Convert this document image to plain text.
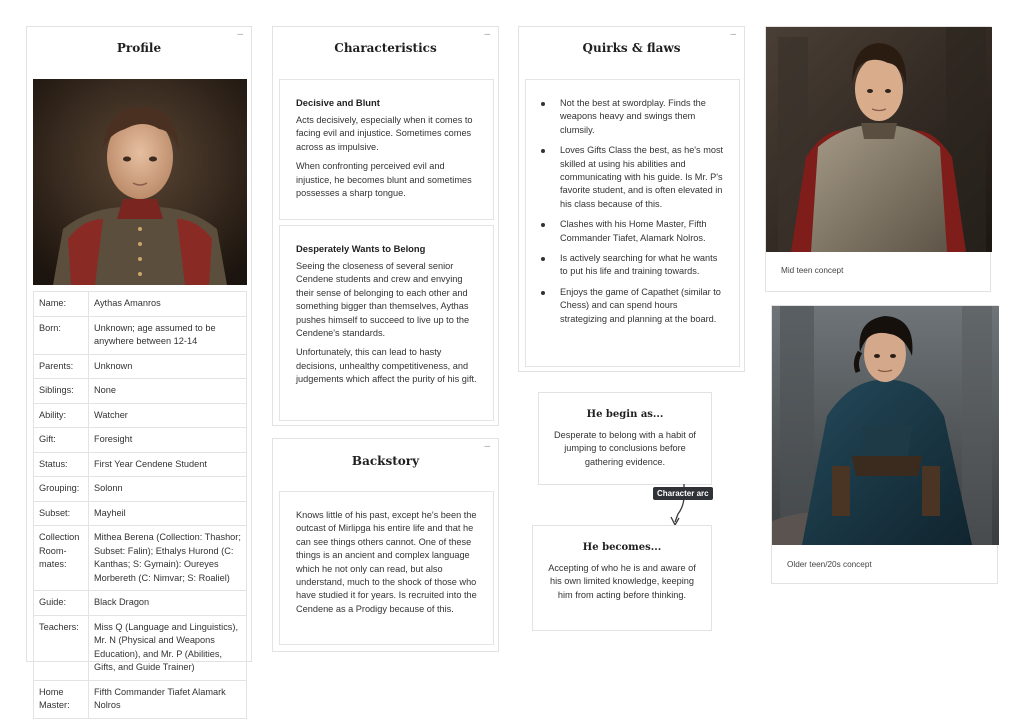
Profile
–
Name:	Aythas Amanros
Born:	Unknown; age assumed to be anywhere between 12-14
Parents:	Unknown
Siblings:	None
Ability:	Watcher
Gift:	Foresight
Status:	First Year Cendene Student
Grouping:	Solonn
Subset:	Mayheil
Collection Room-mates:	Mithea Berena (Collection: Thashor; Subset: Falin); Ethalys Hurond (C: Kanthas; S: Gymain): Oureyes Morbereth (C: Nimvar; S: Roaliel)
Guide:	Black Dragon
Teachers:	Miss Q (Language and Linguistics), Mr. N (Physical and Weapons Education), and Mr. P (Abilities, Gifts, and Guide Trainer)
Home Master:	Fifth Commander Tiafet Alamark Nolros
Characteristics
–
Decisive and Blunt
Acts decisively, especially when it comes to facing evil and injustice. Sometimes comes across as impulsive.
When confronting perceived evil and injustice, he becomes blunt and sometimes possesses a sharp tongue.
Desperately Wants to Belong
Seeing the closeness of several senior Cendene students and crew and envying their sense of belonging to each other and something bigger than themselves, Aythas pushes himself to succeed to live up to the Cendene's standards.
Unfortunately, this can lead to hasty decisions, unhealthy competitiveness, and judgements which affect the purity of his gift.
Backstory
–
Knows little of his past, except he's been the outcast of Mirlipga his entire life and that he can see things others cannot. One of these things is an ancient and complex language which he not only can read, but also understand, much to the shock of those who have studied it for years. Is recruited into the Cendene as a Prodigy because of this.
Quirks & flaws
–
Not the best at swordplay. Finds the weapons heavy and swings them clumsily.
Loves Gifts Class the best, as he's most skilled at using his abilities and communicating with his guide. Is Mr. P's favorite student, and is often elevated in his class because of this.
Clashes with his Home Master, Fifth Commander Tiafet, Alamark Nolros.
Is actively searching for what he wants to put his life and training towards.
Enjoys the game of Capathet (similar to Chess) and can spend hours strategizing and planning at the board.
He begin as...
Desperate to belong with a habit of jumping to conclusions before gathering evidence.
Character arc
He becomes...
Accepting of who he is and aware of his own limited knowledge, keeping him from acting before thinking.
Mid teen concept
Older teen/20s concept
